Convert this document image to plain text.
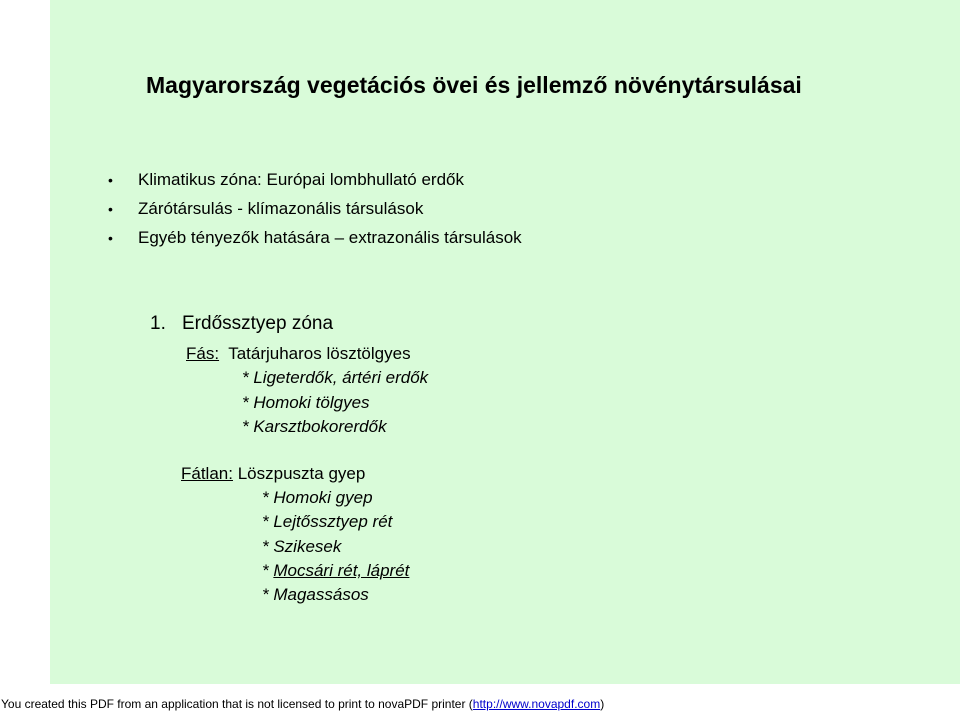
Magyarország vegetációs övei és jellemző növénytársulásai
• Klimatikus zóna: Európai lombhullató erdők
• Zárótársulás - klímazonális társulások
• Egyéb tényezők hatására – extrazonális társulások
1. Erdőssztyep zóna
Fás: Tatárjuharos lösztölgyes
* Ligeterdők, ártéri erdők
* Homoki tölgyes
* Karsztbokorerdők
Fátlan: Löszpuszta gyep
* Homoki gyep
* Lejtőssztyep rét
* Szikesek
* Mocsári rét, láprét
* Magassásos
You created this PDF from an application that is not licensed to print to novaPDF printer (http://www.novapdf.com)
